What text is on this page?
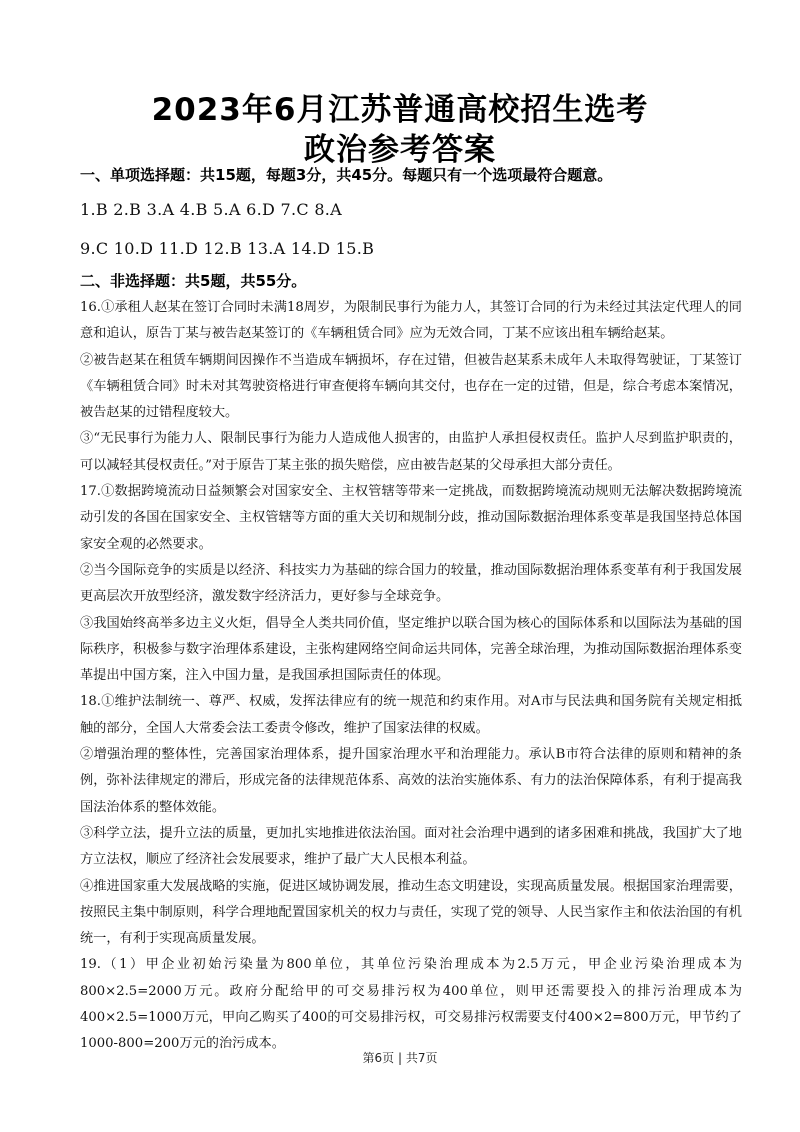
2023年6月江苏普通高校招生选考
政治参考答案
一、单项选择题：共15题，每题3分，共45分。每题只有一个选项最符合题意。
1.B 2.B 3.A 4.B 5.A 6.D 7.C 8.A
9.C 10.D 11.D 12.B 13.A 14.D 15.B
二、非选择题：共5题，共55分。

16.①承租人赵某在签订合同时未满18周岁，为限制民事行为能力人，其签订合同的行为未经过其法定代理人的同意和追认，原告丁某与被告赵某签订的《车辆租赁合同》应为无效合同，丁某不应该出租车辆给赵某。

②被告赵某在租赁车辆期间因操作不当造成车辆损坏，存在过错，但被告赵某系未成年人未取得驾驶证，丁某签订《车辆租赁合同》时未对其驾驶资格进行审查便将车辆向其交付，也存在一定的过错，但是，综合考虑本案情况，被告赵某的过错程度较大。

③“无民事行为能力人、限制民事行为能力人造成他人损害的，由监护人承担侵权责任。监护人尽到监护职责的，可以减轻其侵权责任。”对于原告丁某主张的损失赔偿，应由被告赵某的父母承担大部分责任。

17.①数据跨境流动日益频繁会对国家安全、主权管辖等带来一定挑战，而数据跨境流动规则无法解决数据跨境流动引发的各国在国家安全、主权管辖等方面的重大关切和规制分歧，推动国际数据治理体系变革是我国坚持总体国家安全观的必然要求。

②当今国际竞争的实质是以经济、科技实力为基础的综合国力的较量，推动国际数据治理体系变革有利于我国发展更高层次开放型经济，激发数字经济活力，更好参与全球竞争。

③我国始终高举多边主义火炬，倡导全人类共同价值，坚定维护以联合国为核心的国际体系和以国际法为基础的国际秩序，积极参与数字治理体系建设，主张构建网络空间命运共同体，完善全球治理，为推动国际数据治理体系变革提出中国方案，注入中国力量，是我国承担国际责任的体现。

18.①维护法制统一、尊严、权威，发挥法律应有的统一规范和约束作用。对A市与民法典和国务院有关规定相抵触的部分，全国人大常委会法工委责令修改，维护了国家法律的权威。

②增强治理的整体性，完善国家治理体系，提升国家治理水平和治理能力。承认B市符合法律的原则和精神的条例，弥补法律规定的滞后，形成完备的法律规范体系、高效的法治实施体系、有力的法治保障体系，有利于提高我国法治体系的整体效能。

③科学立法，提升立法的质量，更加扎实地推进依法治国。面对社会治理中遇到的诸多困难和挑战，我国扩大了地方立法权，顺应了经济社会发展要求，维护了最广大人民根本利益。

④推进国家重大发展战略的实施，促进区域协调发展，推动生态文明建设，实现高质量发展。根据国家治理需要，按照民主集中制原则，科学合理地配置国家机关的权力与责任，实现了党的领导、人民当家作主和依法治国的有机统一，有利于实现高质量发展。

19.（1）甲企业初始污染量为800单位，其单位污染治理成本为2.5万元，甲企业污染治理成本为800×2.5=2000万元。政府分配给甲的可交易排污权为400单位，则甲还需要投入的排污治理成本为400×2.5=1000万元，甲向乙购买了400的可交易排污权，可交易排污权需要支付400×2=800万元，甲节约了1000-800=200万元的治污成本。

第6页 | 共7页
